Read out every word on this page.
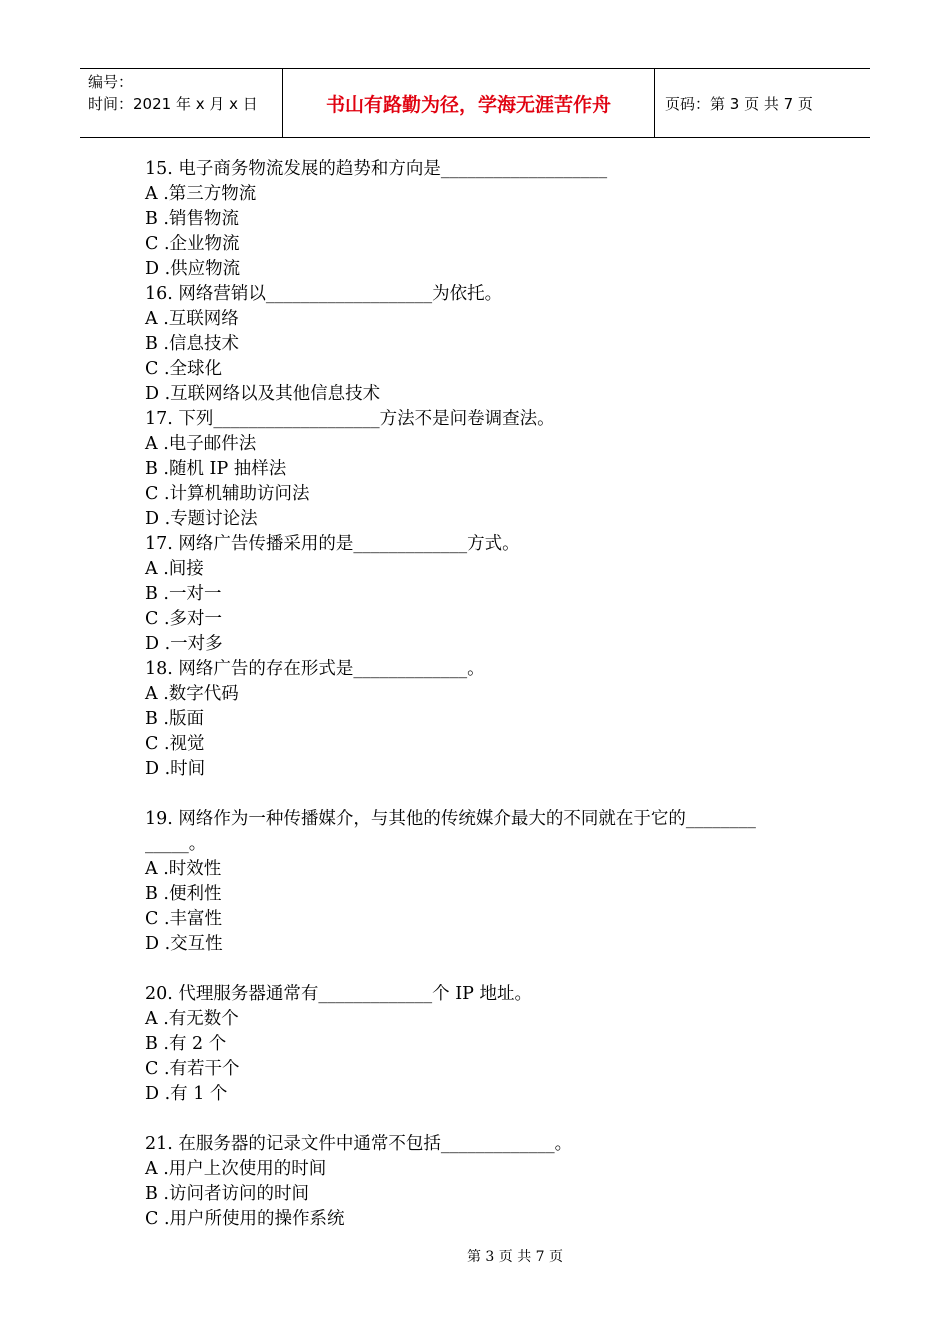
编号：
时间：2021 年 x 月 x 日	书山有路勤为径，学海无涯苦作舟	页码：第 3 页 共 7 页
15. 电子商务物流发展的趋势和方向是___________________
A .第三方物流
B .销售物流
C .企业物流
D .供应物流
16. 网络营销以___________________为依托。
A .互联网络
B .信息技术
C .全球化
D .互联网络以及其他信息技术
17. 下列___________________方法不是问卷调查法。
A .电子邮件法
B .随机 IP 抽样法
C .计算机辅助访问法
D .专题讨论法
17. 网络广告传播采用的是_____________方式。
A .间接
B .一对一
C .多对一
D .一对多
18. 网络广告的存在形式是_____________。
A .数字代码
B .版面
C .视觉
D .时间
19. 网络作为一种传播媒介，与其他的传统媒介最大的不同就在于它的________
_____。
A .时效性
B .便利性
C .丰富性
D .交互性
20. 代理服务器通常有_____________个 IP 地址。
A .有无数个
B .有 2 个
C .有若干个
D .有 1 个
21. 在服务器的记录文件中通常不包括_____________。
A .用户上次使用的时间
B .访问者访问的时间
C .用户所使用的操作系统
第 3 页 共 7 页
